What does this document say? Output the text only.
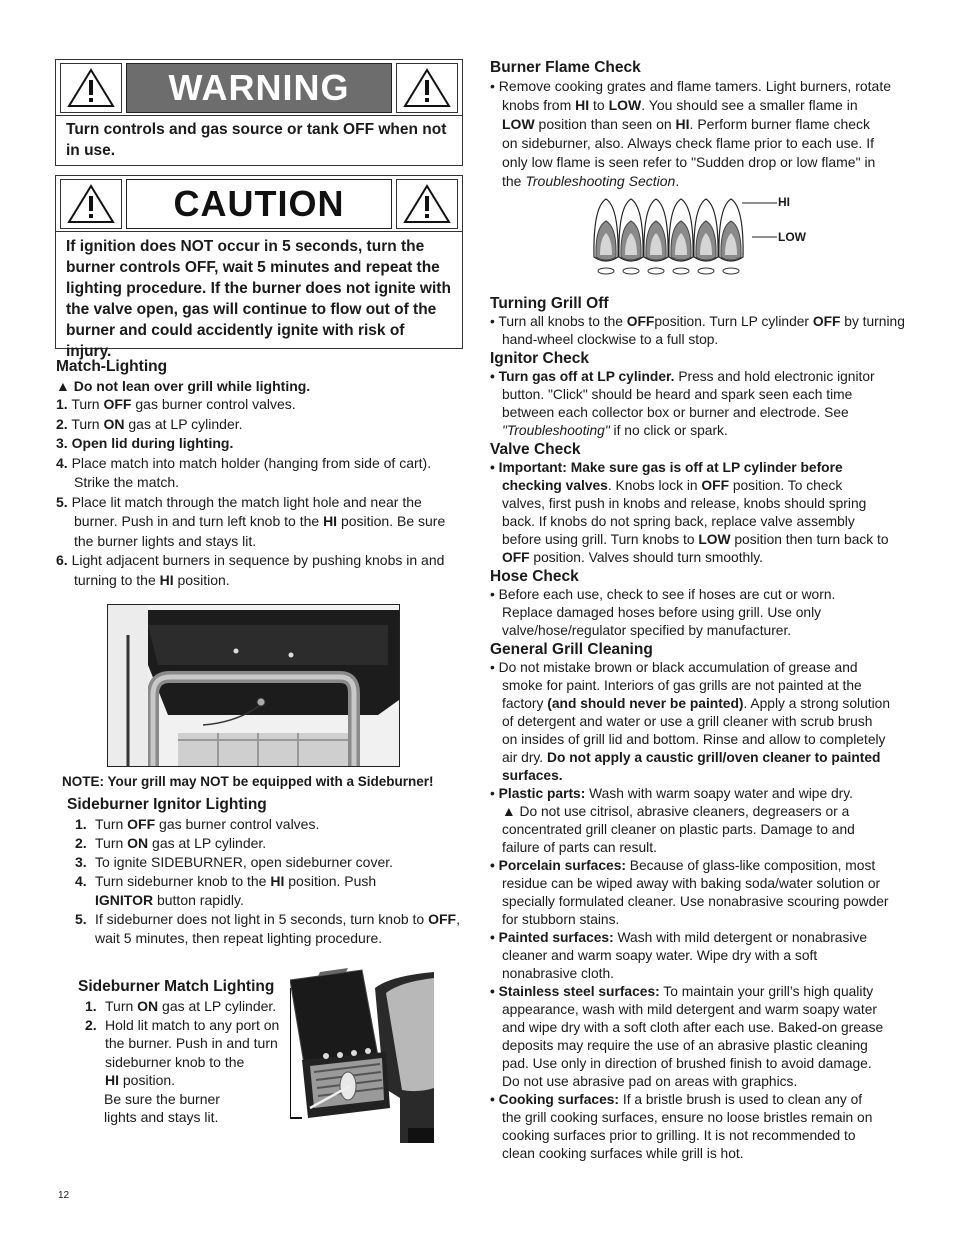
WARNING
Turn controls and gas source or tank OFF when not in use.
CAUTION
If ignition does NOT occur in 5 seconds, turn the burner controls OFF, wait 5 minutes and repeat the lighting procedure. If the burner does not ignite with the valve open, gas will continue to flow out of the burner and could accidently ignite with risk of injury.
Match-Lighting

▲ Do not lean over grill while lighting.

1. Turn OFF gas burner control valves.
2. Turn ON gas at LP cylinder.
3. Open lid during lighting.
4. Place match into match holder (hanging from side of cart).
Strike the match.
5. Place lit match through the match light hole and near the
burner. Push in and turn left knob to the HI position. Be sure
the burner lights and stays lit.
6. Light adjacent burners in sequence by pushing knobs in and
turning to the HI position.

NOTE: Your grill may NOT be equipped with a Sideburner!

Sideburner Ignitor Lighting
1. Turn OFF gas burner control valves.
2. Turn ON gas at LP cylinder.
3. To ignite SIDEBURNER, open sideburner cover.
4. Turn sideburner knob to the HI position. Push
IGNITOR button rapidly.
5. If sideburner does not light in 5 seconds, turn knob to OFF,
wait 5 minutes, then repeat lighting procedure.
Sideburner Match Lighting
1. Turn ON gas at LP cylinder.
2. Hold lit match to any port on
the burner. Push in and turn
sideburner knob to the
HI position.
Be sure the burner
lights and stays lit.
Burner Flame Check
• Remove cooking grates and flame tamers. Light burners, rotate
knobs from HI to LOW. You should see a smaller flame in
LOW position than seen on HI. Perform burner flame check
on sideburner, also. Always check flame prior to each use. If
only low flame is seen refer to "Sudden drop or low flame" in
the Troubleshooting Section.
HI
LOW
Turning Grill Off
• Turn all knobs to the OFFposition. Turn LP cylinder OFF by turning
hand-wheel clockwise to a full stop.
Ignitor Check
• Turn gas off at LP cylinder. Press and hold electronic ignitor
button. "Click" should be heard and spark seen each time
between each collector box or burner and electrode. See
"Troubleshooting" if no click or spark.
Valve Check
• Important: Make sure gas is off at LP cylinder before
checking valves. Knobs lock in OFF position. To check
valves, first push in knobs and release, knobs should spring
back. If knobs do not spring back, replace valve assembly
before using grill. Turn knobs to LOW position then turn back to
OFF position. Valves should turn smoothly.
Hose Check
• Before each use, check to see if hoses are cut or worn.
Replace damaged hoses before using grill. Use only
valve/hose/regulator specified by manufacturer.
General Grill Cleaning
• Do not mistake brown or black accumulation of grease and
smoke for paint. Interiors of gas grills are not painted at the
factory (and should never be painted). Apply a strong solution
of detergent and water or use a grill cleaner with scrub brush
on insides of grill lid and bottom. Rinse and allow to completely
air dry. Do not apply a caustic grill/oven cleaner to painted
surfaces.
• Plastic parts: Wash with warm soapy water and wipe dry.
▲ Do not use citrisol, abrasive cleaners, degreasers or a
concentrated grill cleaner on plastic parts. Damage to and
failure of parts can result.
• Porcelain surfaces: Because of glass-like composition, most
residue can be wiped away with baking soda/water solution or
specially formulated cleaner. Use nonabrasive scouring powder
for stubborn stains.
• Painted surfaces: Wash with mild detergent or nonabrasive
cleaner and warm soapy water. Wipe dry with a soft
nonabrasive cloth.
• Stainless steel surfaces: To maintain your grill’s high quality
appearance, wash with mild detergent and warm soapy water
and wipe dry with a soft cloth after each use. Baked-on grease
deposits may require the use of an abrasive plastic cleaning
pad. Use only in direction of brushed finish to avoid damage.
Do not use abrasive pad on areas with graphics.
• Cooking surfaces: If a bristle brush is used to clean any of
the grill cooking surfaces, ensure no loose bristles remain on
cooking surfaces prior to grilling. It is not recommended to
clean cooking surfaces while grill is hot.
12
